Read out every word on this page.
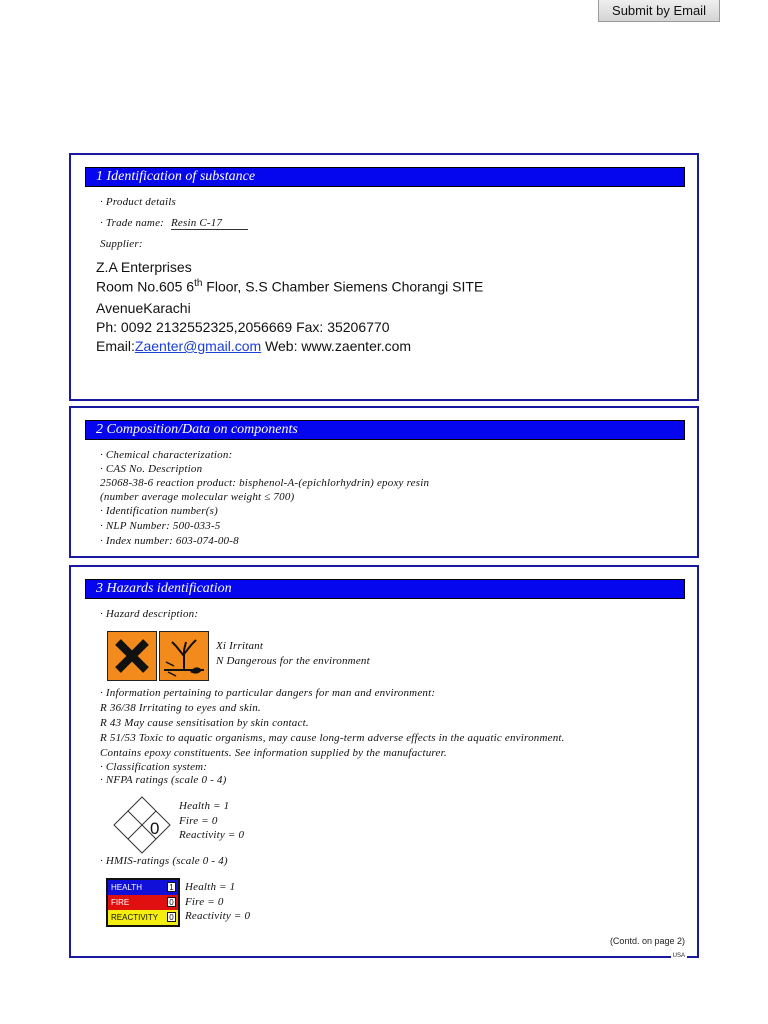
Submit by Email
1 Identification of substance
· Product details
· Trade name: Resin C-17
Supplier:
Z.A Enterprises
Room No.605 6th Floor, S.S Chamber Siemens Chorangi SITE
AvenueKarachi
Ph: 0092 2132552325,2056669 Fax: 35206770
Email:Zaenter@gmail.com Web: www.zaenter.com
2 Composition/Data on components
· Chemical characterization:
· CAS No. Description
25068-38-6 reaction product: bisphenol-A-(epichlorhydrin) epoxy resin
(number average molecular weight ≤ 700)
· Identification number(s)
· NLP Number: 500-033-5
· Index number: 603-074-00-8
3 Hazards identification
· Hazard description:
Xi Irritant
N Dangerous for the environment
· Information pertaining to particular dangers for man and environment:
R 36/38 Irritating to eyes and skin.
R 43 May cause sensitisation by skin contact.
R 51/53 Toxic to aquatic organisms, may cause long-term adverse effects in the aquatic environment.
Contains epoxy constituents. See information supplied by the manufacturer.
· Classification system:
· NFPA ratings (scale 0 - 4)
0
Health = 1
Fire = 0
Reactivity = 0
· HMIS-ratings (scale 0 - 4)
HEALTH	1
FIRE	0
REACTIVITY 0
Health = 1
Fire = 0
Reactivity = 0
(Contd. on page 2)
USA
